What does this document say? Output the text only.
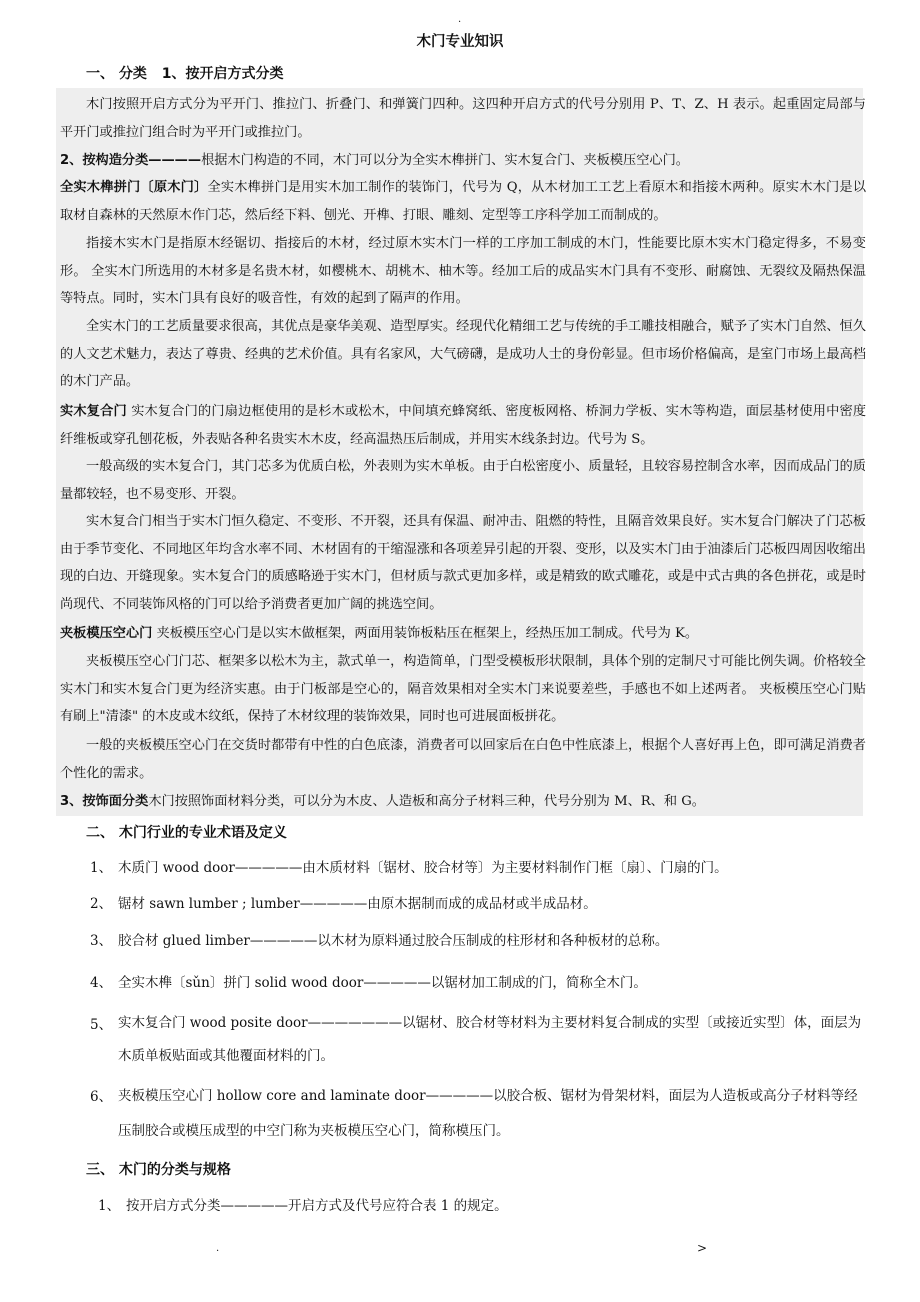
.
木门专业知识
一、 分类 1、按开启方式分类
木门按照开启方式分为平开门、推拉门、折叠门、和弹簧门四种。这四种开启方式的代号分别用 P、T、Z、H 表示。起重固定局部与平开门或推拉门组合时为平开门或推拉门。
2、按构造分类————根据木门构造的不同，木门可以分为全实木榫拼门、实木复合门、夹板模压空心门。
全实木榫拼门〔原木门〕全实木榫拼门是用实木加工制作的装饰门，代号为 Q，从木材加工工艺上看原木和指接木两种。原实木木门是以取材自森林的天然原木作门芯，然后经下料、刨光、开榫、打眼、雕刻、定型等工序科学加工而制成的。
指接木实木门是指原木经锯切、指接后的木材，经过原木实木门一样的工序加工制成的木门，性能要比原木实木门稳定得多，不易变形。 全实木门所选用的木材多是名贵木材，如樱桃木、胡桃木、柚木等。经加工后的成品实木门具有不变形、耐腐蚀、无裂纹及隔热保温等特点。同时，实木门具有良好的吸音性，有效的起到了隔声的作用。
全实木门的工艺质量要求很高，其优点是豪华美观、造型厚实。经现代化精细工艺与传统的手工雕技相融合，赋予了实木门自然、恒久的人文艺术魅力，表达了尊贵、经典的艺术价值。具有名家风，大气磅礴，是成功人士的身份彰显。但市场价格偏高，是室门市场上最高档的木门产品。
实木复合门 实木复合门的门扇边框使用的是杉木或松木，中间填充蜂窝纸、密度板网格、桥洞力学板、实木等构造，面层基材使用中密度纤维板或穿孔刨花板，外表贴各种名贵实木木皮，经高温热压后制成，并用实木线条封边。代号为 S。
一般高级的实木复合门，其门芯多为优质白松，外表则为实木单板。由于白松密度小、质量轻，且较容易控制含水率，因而成品门的质量都较轻，也不易变形、开裂。
实木复合门相当于实木门恒久稳定、不变形、不开裂，还具有保温、耐冲击、阻燃的特性，且隔音效果良好。实木复合门解决了门芯板由于季节变化、不同地区年均含水率不同、木材固有的干缩湿涨和各项差异引起的开裂、变形，以及实木门由于油漆后门芯板四周因收缩出现的白边、开缝现象。实木复合门的质感略逊于实木门，但材质与款式更加多样，或是精致的欧式雕花，或是中式古典的各色拼花，或是时尚现代、不同装饰风格的门可以给予消费者更加广阔的挑选空间。
夹板模压空心门 夹板模压空心门是以实木做框架，两面用装饰板粘压在框架上，经热压加工制成。代号为 K。
夹板模压空心门门芯、框架多以松木为主，款式单一，构造简单，门型受模板形状限制，具体个别的定制尺寸可能比例失调。价格较全实木门和实木复合门更为经济实惠。由于门板部是空心的，隔音效果相对全实木门来说要差些，手感也不如上述两者。 夹板模压空心门贴有刷上"清漆" 的木皮或木纹纸，保持了木材纹理的装饰效果，同时也可进展面板拼花。
一般的夹板模压空心门在交货时都带有中性的白色底漆，消费者可以回家后在白色中性底漆上，根据个人喜好再上色，即可满足消费者个性化的需求。
3、按饰面分类木门按照饰面材料分类，可以分为木皮、人造板和高分子材料三种，代号分别为 M、R、和 G。
二、 木门行业的专业术语及定义
1、 木质门 wood door—————由木质材料〔锯材、胶合材等〕为主要材料制作门框〔扇〕、门扇的门。
2、 锯材 sawn lumber ; lumber—————由原木据制而成的成品材或半成品材。
3、 胶合材 glued limber—————以木材为原料通过胶合压制成的柱形材和各种板材的总称。
4、 全实木榫〔sǔn〕拼门 solid wood door—————以锯材加工制成的门，简称全木门。
5、 实木复合门 wood posite door———————以锯材、胶合材等材料为主要材料复合制成的实型〔或接近实型〕体，面层为木质单板贴面或其他覆面材料的门。
6、 夹板模压空心门 hollow core and laminate door—————以胶合板、锯材为骨架材料，面层为人造板或高分子材料等经压制胶合或模压成型的中空门称为夹板模压空心门，简称模压门。
三、 木门的分类与规格
1、 按开启方式分类—————开启方式及代号应符合表 1 的规定。
.	>
